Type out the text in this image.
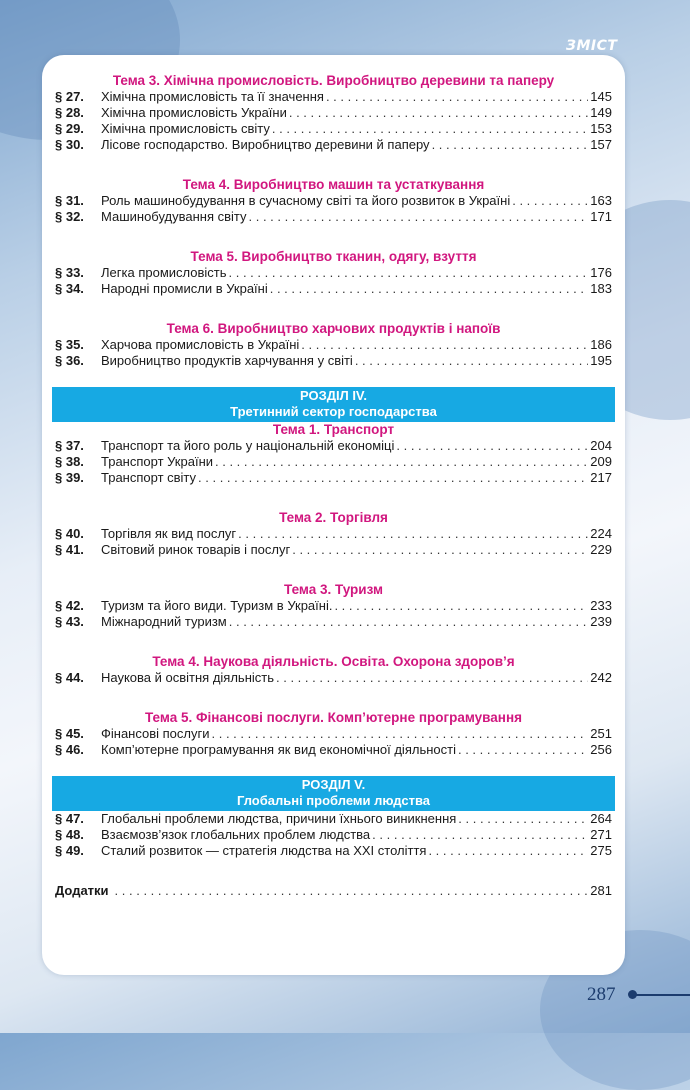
ЗМІСТ

Тема 3. Хімічна промисловість. Виробництво деревини та паперу

§ 27.	Хімічна промисловість та її значення . . .	145
§ 28.	Хімічна промисловість України . . .	149
§ 29.	Хімічна промисловість світу . . .	153
§ 30.	Лісове господарство. Виробництво деревини й паперу . . .	157

Тема 4. Виробництво машин та устаткування

§ 31.	Роль машинобудування в сучасному світі та його розвиток в Україні . . .	163
§ 32.	Машинобудування світу . . .	171

Тема 5. Виробництво тканин, одягу, взуття

§ 33.	Легка промисловість . . .	176
§ 34.	Народні промисли в Україні . . .	183

Тема 6. Виробництво харчових продуктів і напоїв

§ 35.	Харчова промисловість в Україні . . .	186
§ 36.	Виробництво продуктів харчування у світі . . .	195
РОЗДІЛ IV.
Третинний сектор господарства

Тема 1. Транспорт

§ 37.	Транспорт та його роль у національній економіці . . .	204
§ 38.	Транспорт України . . .	209
§ 39.	Транспорт світу . . .	217

Тема 2. Торгівля

§ 40.	Торгівля як вид послуг . . .	224
§ 41.	Світовий ринок товарів і послуг . . .	229

Тема 3. Туризм

§ 42.	Туризм та його види. Туризм в Україні. . . .	233
§ 43.	Міжнародний туризм . . .	239

Тема 4. Наукова діяльність. Освіта. Охорона здоров’я

§ 44.	Наукова й освітня діяльність . . .	242

Тема 5. Фінансові послуги. Комп’ютерне програмування

§ 45.	Фінансові послуги . . .	251
§ 46.	Комп’ютерне програмування як вид економічної діяльності . . .	256
РОЗДІЛ V.
Глобальні проблеми людства
§ 47.	Глобальні проблеми людства, причини їхнього виникнення . . .	264
§ 48.	Взаємозв’язок глобальних проблем людства . . .	271
§ 49.	Сталий розвиток — стратегія людства на XXI століття . . .	275
Додатки . . .	281
287
